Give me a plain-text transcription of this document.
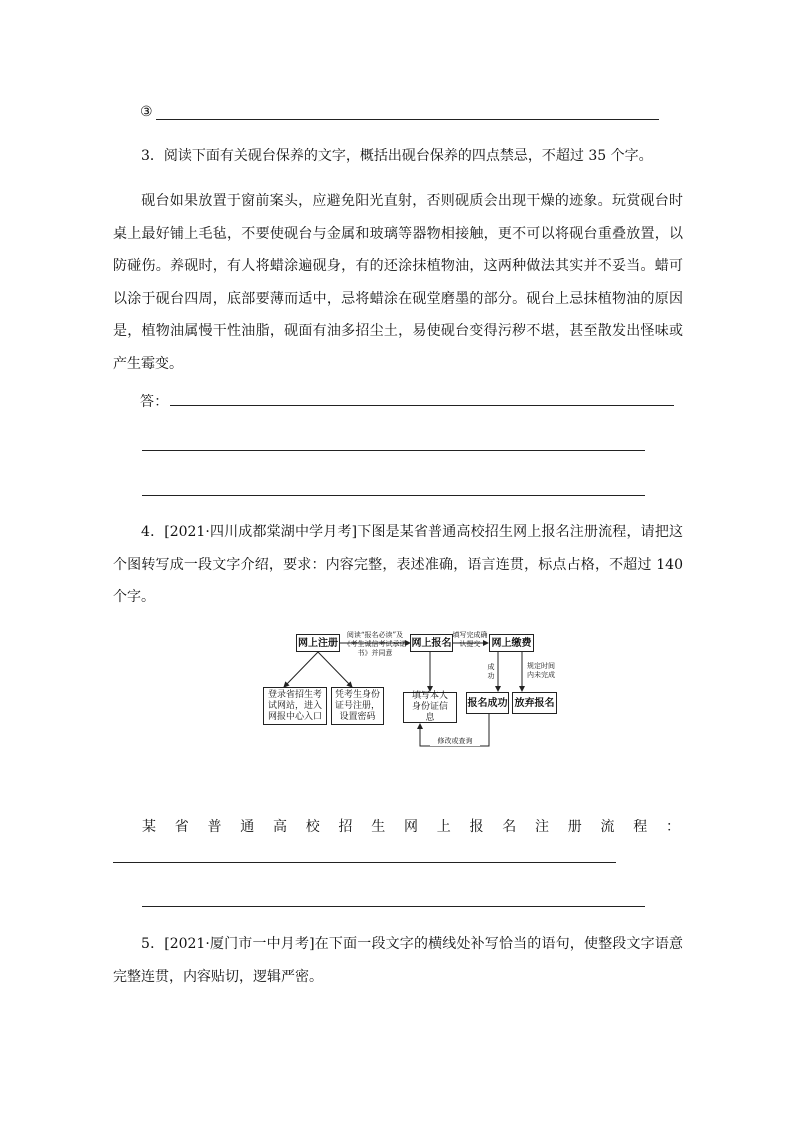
③
3．阅读下面有关砚台保养的文字，概括出砚台保养的四点禁忌，不超过 35 个字。
砚台如果放置于窗前案头，应避免阳光直射，否则砚质会出现干燥的迹象。玩赏砚台时桌上最好铺上毛毡，不要使砚台与金属和玻璃等器物相接触，更不可以将砚台重叠放置，以防碰伤。养砚时，有人将蜡涂遍砚身，有的还涂抹植物油，这两种做法其实并不妥当。蜡可以涂于砚台四周，底部要薄而适中，忌将蜡涂在砚堂磨墨的部分。砚台上忌抹植物油的原因是，植物油属慢干性油脂，砚面有油多招尘土，易使砚台变得污秽不堪，甚至散发出怪味或产生霉变。
答：
4．[2021·四川成都棠湖中学月考]下图是某省普通高校招生网上报名注册流程，请把这个图转写成一段文字介绍，要求：内容完整，表述准确，语言连贯，标点占格，不超过 140 个字。
网上注册	网上报名	网上缴费
登录省招生考试网站，进入网报中心入口
凭考生身份证号注册，设置密码
填写本人身份证信息
报名成功 放弃报名
阅读“报名必读”及《考生诚信考试承诺书》并同意
填写完成确认提交
成功
规定时间内未完成
修改或查询
某 省 普 通 高 校 招 生 网 上 报 名 注 册 流 程 ：
5．[2021·厦门市一中月考]在下面一段文字的横线处补写恰当的语句，使整段文字语意完整连贯，内容贴切，逻辑严密。
